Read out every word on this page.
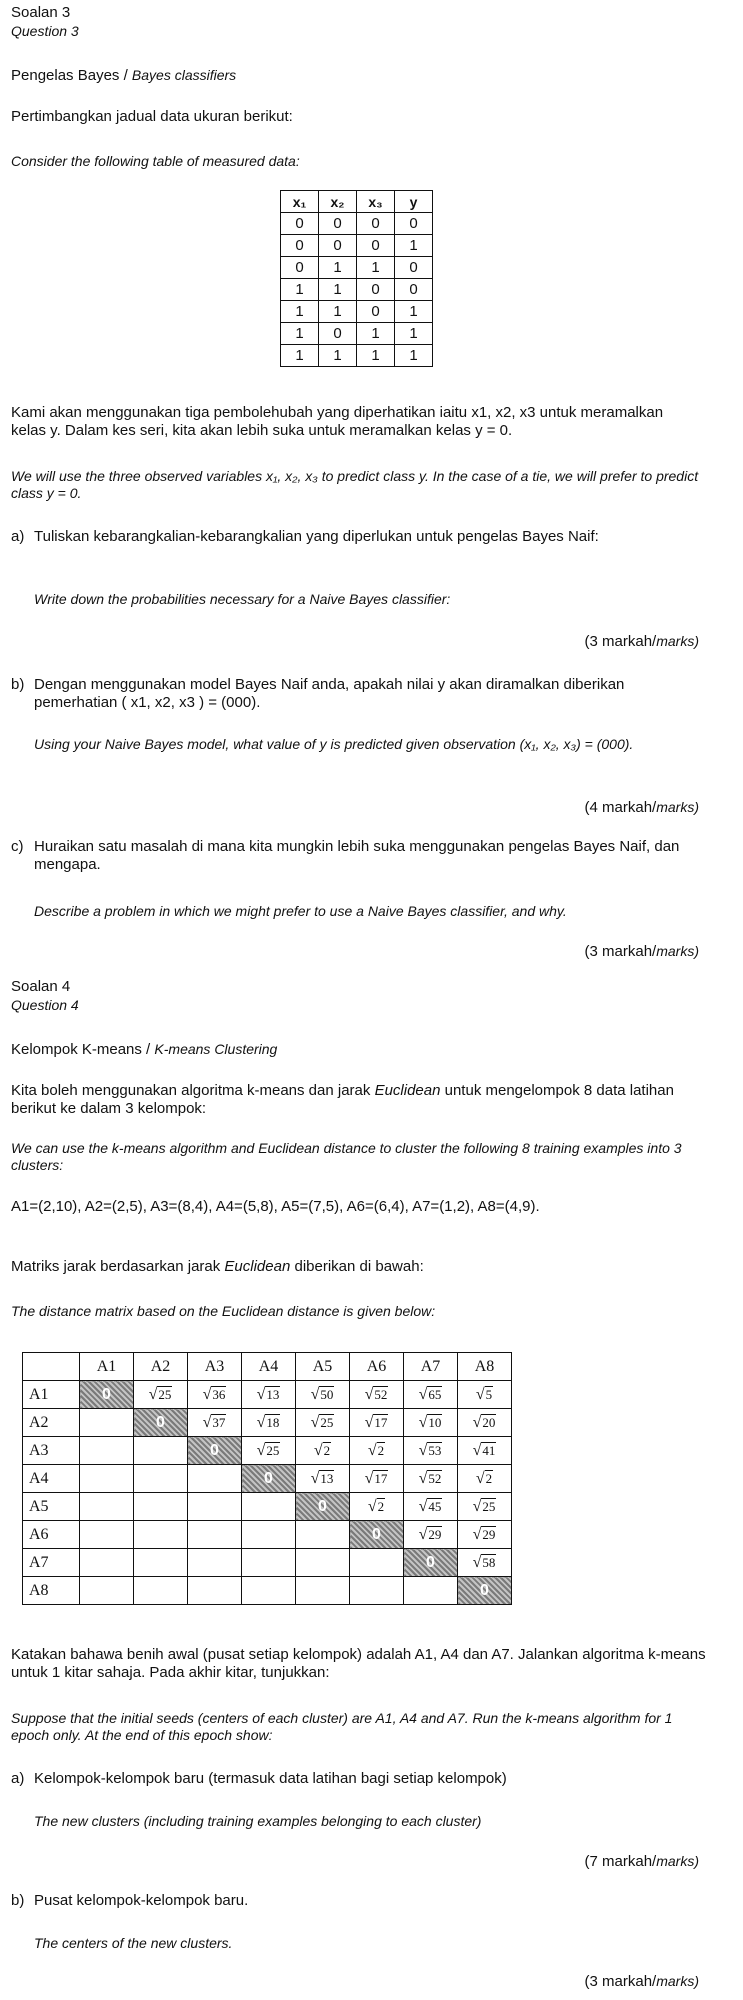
Soalan 3
Question 3
Pengelas Bayes / Bayes classifiers
Pertimbangkan jadual data ukuran berikut:
Consider the following table of measured data:
x₁	x₂	x₃	y
0	0	0	0
0	0	0	1
0	1	1	0
1	1	0	0
1	1	0	1
1	0	1	1
1	1	1	1
Kami akan menggunakan tiga pembolehubah yang diperhatikan iaitu x1, x2, x3 untuk meramalkan kelas y. Dalam kes seri, kita akan lebih suka untuk meramalkan kelas y = 0.
We will use the three observed variables x₁, x₂, x₃ to predict class y. In the case of a tie, we will prefer to predict class y = 0.
a) Tuliskan kebarangkalian-kebarangkalian yang diperlukan untuk pengelas Bayes Naif:
Write down the probabilities necessary for a Naive Bayes classifier:
(3 markah/marks)
b) Dengan menggunakan model Bayes Naif anda, apakah nilai y akan diramalkan diberikan pemerhatian ( x1, x2, x3 ) = (000).
Using your Naive Bayes model, what value of y is predicted given observation (x₁, x₂, x₃) = (000).
(4 markah/marks)
c) Huraikan satu masalah di mana kita mungkin lebih suka menggunakan pengelas Bayes Naif, dan mengapa.
Describe a problem in which we might prefer to use a Naive Bayes classifier, and why.
(3 markah/marks)
Soalan 4
Question 4
Kelompok K-means / K-means Clustering
Kita boleh menggunakan algoritma k-means dan jarak Euclidean untuk mengelompok 8 data latihan berikut ke dalam 3 kelompok:
We can use the k-means algorithm and Euclidean distance to cluster the following 8 training examples into 3 clusters:
A1=(2,10), A2=(2,5), A3=(8,4), A4=(5,8), A5=(7,5), A6=(6,4), A7=(1,2), A8=(4,9).
Matriks jarak berdasarkan jarak Euclidean diberikan di bawah:
The distance matrix based on the Euclidean distance is given below:
	A1	A2	A3	A4	A5	A6	A7	A8
A1	0	√25	√36	√13	√50	√52	√65	√5
A2		0	√37	√18	√25	√17	√10	√20
A3			0	√25	√2	√2	√53	√41
A4				0	√13	√17	√52	√2
A5					0	√2	√45	√25
A6						0	√29	√29
A7							0	√58
A8								0
Katakan bahawa benih awal (pusat setiap kelompok) adalah A1, A4 dan A7. Jalankan algoritma k-means untuk 1 kitar sahaja. Pada akhir kitar, tunjukkan:
Suppose that the initial seeds (centers of each cluster) are A1, A4 and A7. Run the k-means algorithm for 1 epoch only. At the end of this epoch show:
a) Kelompok-kelompok baru (termasuk data latihan bagi setiap kelompok)
The new clusters (including training examples belonging to each cluster)
(7 markah/marks)
b) Pusat kelompok-kelompok baru.
The centers of the new clusters.
(3 markah/marks)
